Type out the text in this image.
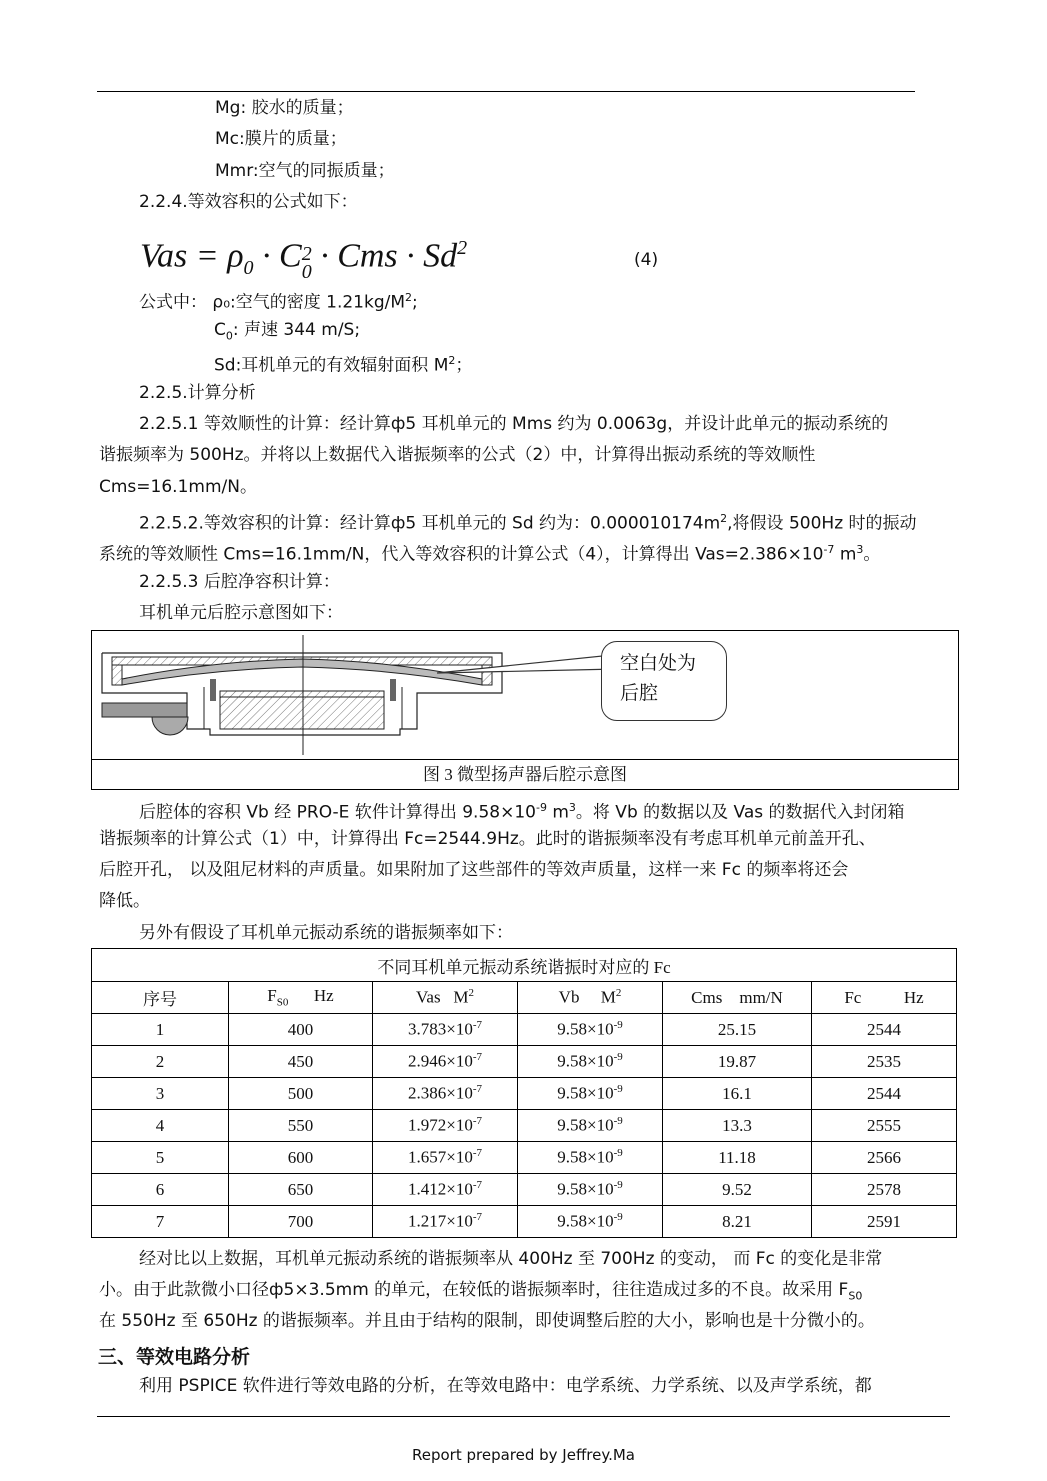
Mg: 胶水的质量；
Mc:膜片的质量；
Mmr:空气的同振质量；
2.2.4.等效容积的公式如下：
Vas = $\rho_0 \cdot C$ 2
0 · Cms · $Sd^2$
(4)
公式中： ρ₀:空气的密度 $1.21kg/M^2$;
$C_0$: 声速 344 m/S;
Sd:耳机单元的有效辐射面积 $M^2$；
2.2.5.计算分析
2.2.5.1 等效顺性的计算：经计算ф5 耳机单元的 Mms 约为 0.0063g，并设计此单元的振动系统的
谐振频率为 500Hz。并将以上数据代入谐振频率的公式（2）中，计算得出振动系统的等效顺性
Cms=16.1mm/N。
2.2.5.2.等效容积的计算：经计算ф5 耳机单元的 Sd 约为：$0.000010174m^2$,将假设 500Hz 时的振动
系统的等效顺性 Cms=16.1mm/N，代入等效容积的计算公式（4），计算得出 $Vas=2.386\times 10^{-7}$ $m^3$。
2.2.5.3 后腔净容积计算：
耳机单元后腔示意图如下：
图 3 微型扬声器后腔示意图
空白处为
后腔
后腔体的容积 Vb 经 PRO-E 软件计算得出 $9.58\times 10^{-9}$ $m^3$。将 Vb 的数据以及 Vas 的数据代入封闭箱
谐振频率的计算公式（1）中，计算得出 Fc=2544.9Hz。此时的谐振频率没有考虑耳机单元前盖开孔、
后腔开孔， 以及阻尼材料的声质量。如果附加了这些部件的等效声质量，这样一来 Fc 的频率将还会
降低。
另外有假设了耳机单元振动系统的谐振频率如下：
不同耳机单元振动系统谐振时对应的 Fc					
序号	$F_{S0}$ Hz	Vas $M^2$	Vb $M^2$	Cms mm/N	Fc Hz
1	400	$3.783\times 10^{-7}$	$9.58\times 10^{-9}$	25.15	2544
2	450	$2.946\times 10^{-7}$	$9.58\times 10^{-9}$	19.87	2535
3	500	$2.386\times 10^{-7}$	$9.58\times 10^{-9}$	16.1	2544
4	550	$1.972\times 10^{-7}$	$9.58\times 10^{-9}$	13.3	2555
5	600	$1.657\times 10^{-7}$	$9.58\times 10^{-9}$	11.18	2566
6	650	$1.412\times 10^{-7}$	$9.58\times 10^{-9}$	9.52	2578
7	700	$1.217\times 10^{-7}$	$9.58\times 10^{-9}$	8.21	2591
经对比以上数据，耳机单元振动系统的谐振频率从 400Hz 至 700Hz 的变动， 而 Fc 的变化是非常
小。由于此款微小口径ф5×3.5mm 的单元，在较低的谐振频率时，往往造成过多的不良。故采用 $F_{S0}$
在 550Hz 至 650Hz 的谐振频率。并且由于结构的限制，即使调整后腔的大小，影响也是十分微小的。
三、等效电路分析
利用 PSPICE 软件进行等效电路的分析，在等效电路中：电学系统、力学系统、以及声学系统，都
Report prepared by Jeffrey.Ma
